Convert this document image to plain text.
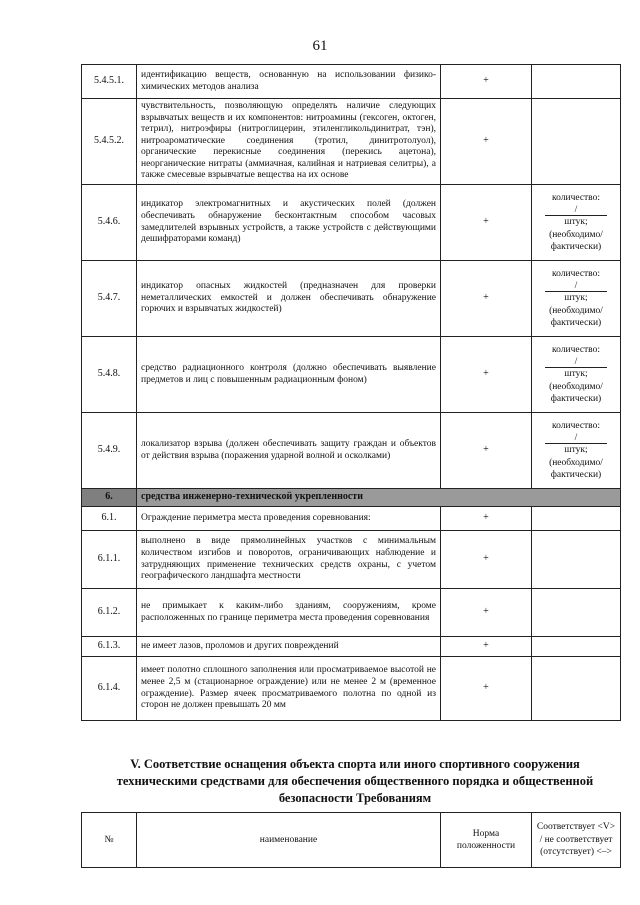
61
5.4.5.1.	идентификацию веществ, основанную на использовании физико-химических методов анализа	+	
5.4.5.2.	чувствительность, позволяющую определять наличие следующих взрывчатых веществ и их компонентов: нитроамины (гексоген, октоген, тетрил), нитроэфиры (нитроглицерин, этиленгликольдинитрат, тэн), нитроароматические соединения (тротил, динитротолуол), органические перекисные соединения (перекись ацетона), неорганические нитраты (аммиачная, калийная и натриевая селитры), а также смесевые взрывчатые вещества на их основе	+	
5.4.6.	индикатор электромагнитных и акустических полей (должен обеспечивать обнаружение бесконтактным способом часовых замедлителей взрывных устройств, а также устройств с действующими дешифраторами команд)	+	количество:
/
штук;
(необходимо/ фактически)

5.4.7.	индикатор опасных жидкостей (предназначен для проверки неметаллических емкостей и должен обеспечивать обнаружение горючих и взрывчатых жидкостей)	+	количество:
/
штук;
(необходимо/ фактически)

5.4.8.	средство радиационного контроля (должно обеспечивать выявление предметов и лиц с повышенным радиационным фоном)	+	количество:
/
штук;
(необходимо/ фактически)

5.4.9.	локализатор взрыва (должен обеспечивать защиту граждан и объектов от действия взрыва (поражения ударной волной и осколками)	+	количество:
/
штук;
(необходимо/ фактически)

6.	средства инженерно-технической укрепленности		
6.1.	Ограждение периметра места проведения соревнования:	+	
6.1.1.	выполнено в виде прямолинейных участков с минимальным количеством изгибов и поворотов, ограничивающих наблюдение и затрудняющих применение технических средств охраны, с учетом географического ландшафта местности	+	
6.1.2.	не примыкает к каким-либо зданиям, сооружениям, кроме расположенных по границе периметра места проведения соревнования	+	
6.1.3.	не имеет лазов, проломов и других повреждений	+	
6.1.4.	имеет полотно сплошного заполнения или просматриваемое высотой не менее 2,5 м (стационарное ограждение) или не менее 2 м (временное ограждение). Размер ячеек просматриваемого полотна по одной из сторон не должен превышать 20 мм	+	
V. Соответствие оснащения объекта спорта или иного спортивного сооружения техническими средствами для обеспечения общественного порядка и общественной безопасности Требованиям
№	наименование	Норма положенности	Соответствует <V> / не соответствует (отсутствует) <–>
